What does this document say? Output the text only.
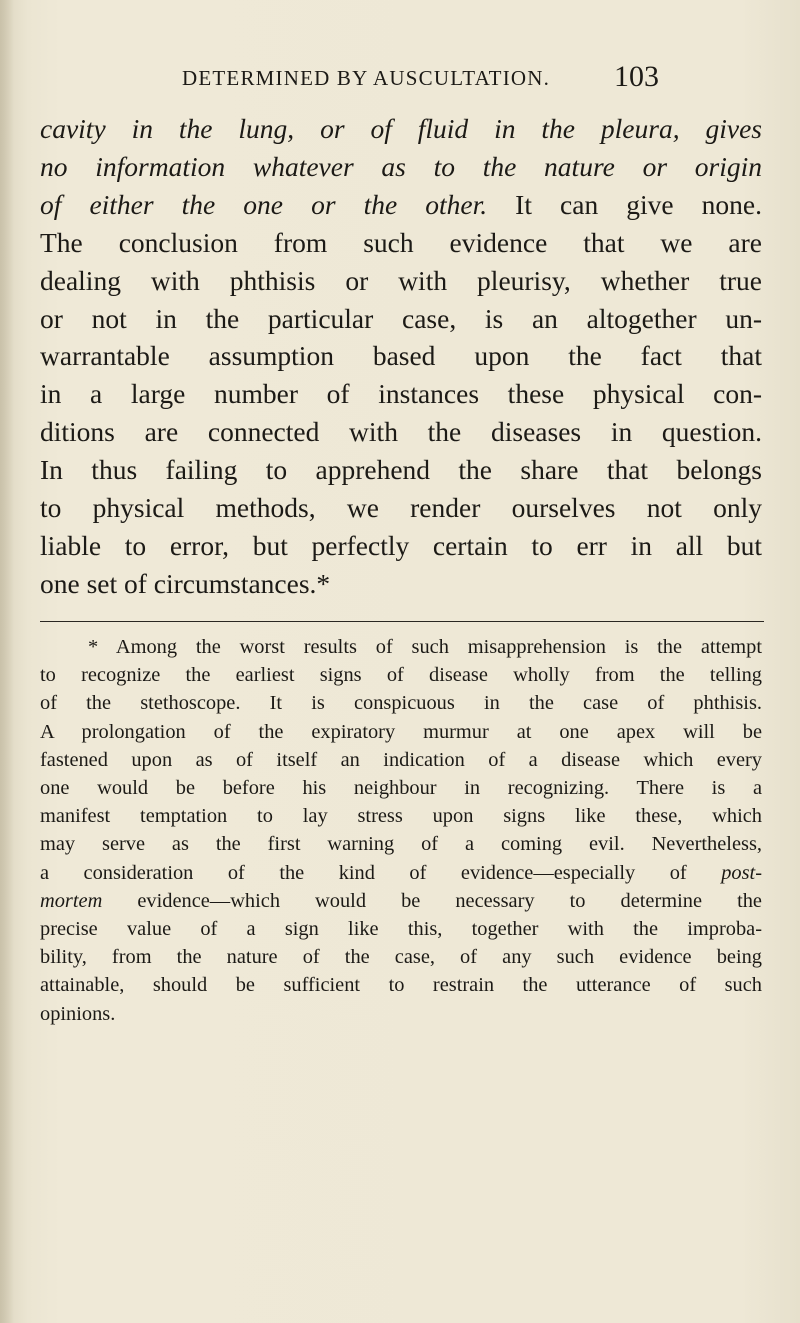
DETERMINED BY AUSCULTATION.	103
cavity in the lung, or of fluid in the pleura, gives
no information whatever as to the nature or origin
of either the one or the other. It can give none.
The conclusion from such evidence that we are
dealing with phthisis or with pleurisy, whether true
or not in the particular case, is an altogether un-
warrantable assumption based upon the fact that
in a large number of instances these physical con-
ditions are connected with the diseases in question.
In thus failing to apprehend the share that belongs
to physical methods, we render ourselves not only
liable to error, but perfectly certain to err in all but
one set of circumstances.*
* Among the worst results of such misapprehension is the attempt
to recognize the earliest signs of disease wholly from the telling
of the stethoscope. It is conspicuous in the case of phthisis.
A prolongation of the expiratory murmur at one apex will be
fastened upon as of itself an indication of a disease which every
one would be before his neighbour in recognizing. There is a
manifest temptation to lay stress upon signs like these, which
may serve as the first warning of a coming evil. Nevertheless,
a consideration of the kind of evidence—especially of post-
mortem evidence—which would be necessary to determine the
precise value of a sign like this, together with the improba-
bility, from the nature of the case, of any such evidence being
attainable, should be sufficient to restrain the utterance of such
opinions.
